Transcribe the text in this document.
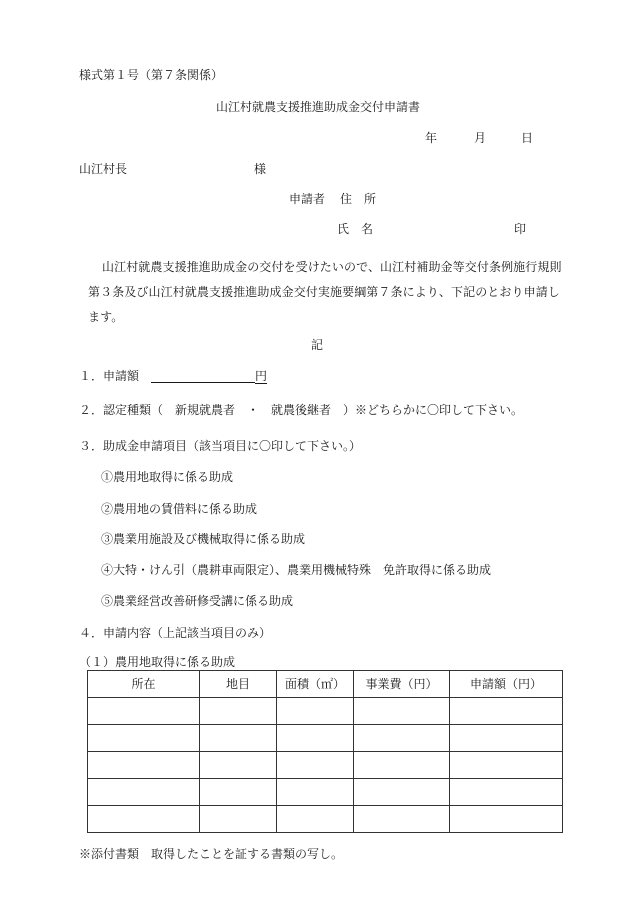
様式第１号（第７条関係）
山江村就農支援推進助成金交付申請書
年	月	日
山江村長	様
申請者 住　所
氏　名	印
山江村就農支援推進助成金の交付を受けたいので、山江村補助金等交付条例施行規則第３条及び山江村就農支援推進助成金交付実施要綱第７条により、下記のとおり申請します。
記
１．申請額	円
２．認定種類（　新規就農者　・　就農後継者　）※どちらかに〇印して下さい。
３．助成金申請項目（該当項目に〇印して下さい。）
①農用地取得に係る助成
②農用地の賃借料に係る助成
③農業用施設及び機械取得に係る助成
④大特・けん引（農耕車両限定）、農業用機械特殊　免許取得に係る助成
⑤農業経営改善研修受講に係る助成
４．申請内容（上記該当項目のみ）
（１）農用地取得に係る助成
所在	地目	面積（㎡）	事業費（円）	申請額（円）

※添付書類　取得したことを証する書類の写し。
